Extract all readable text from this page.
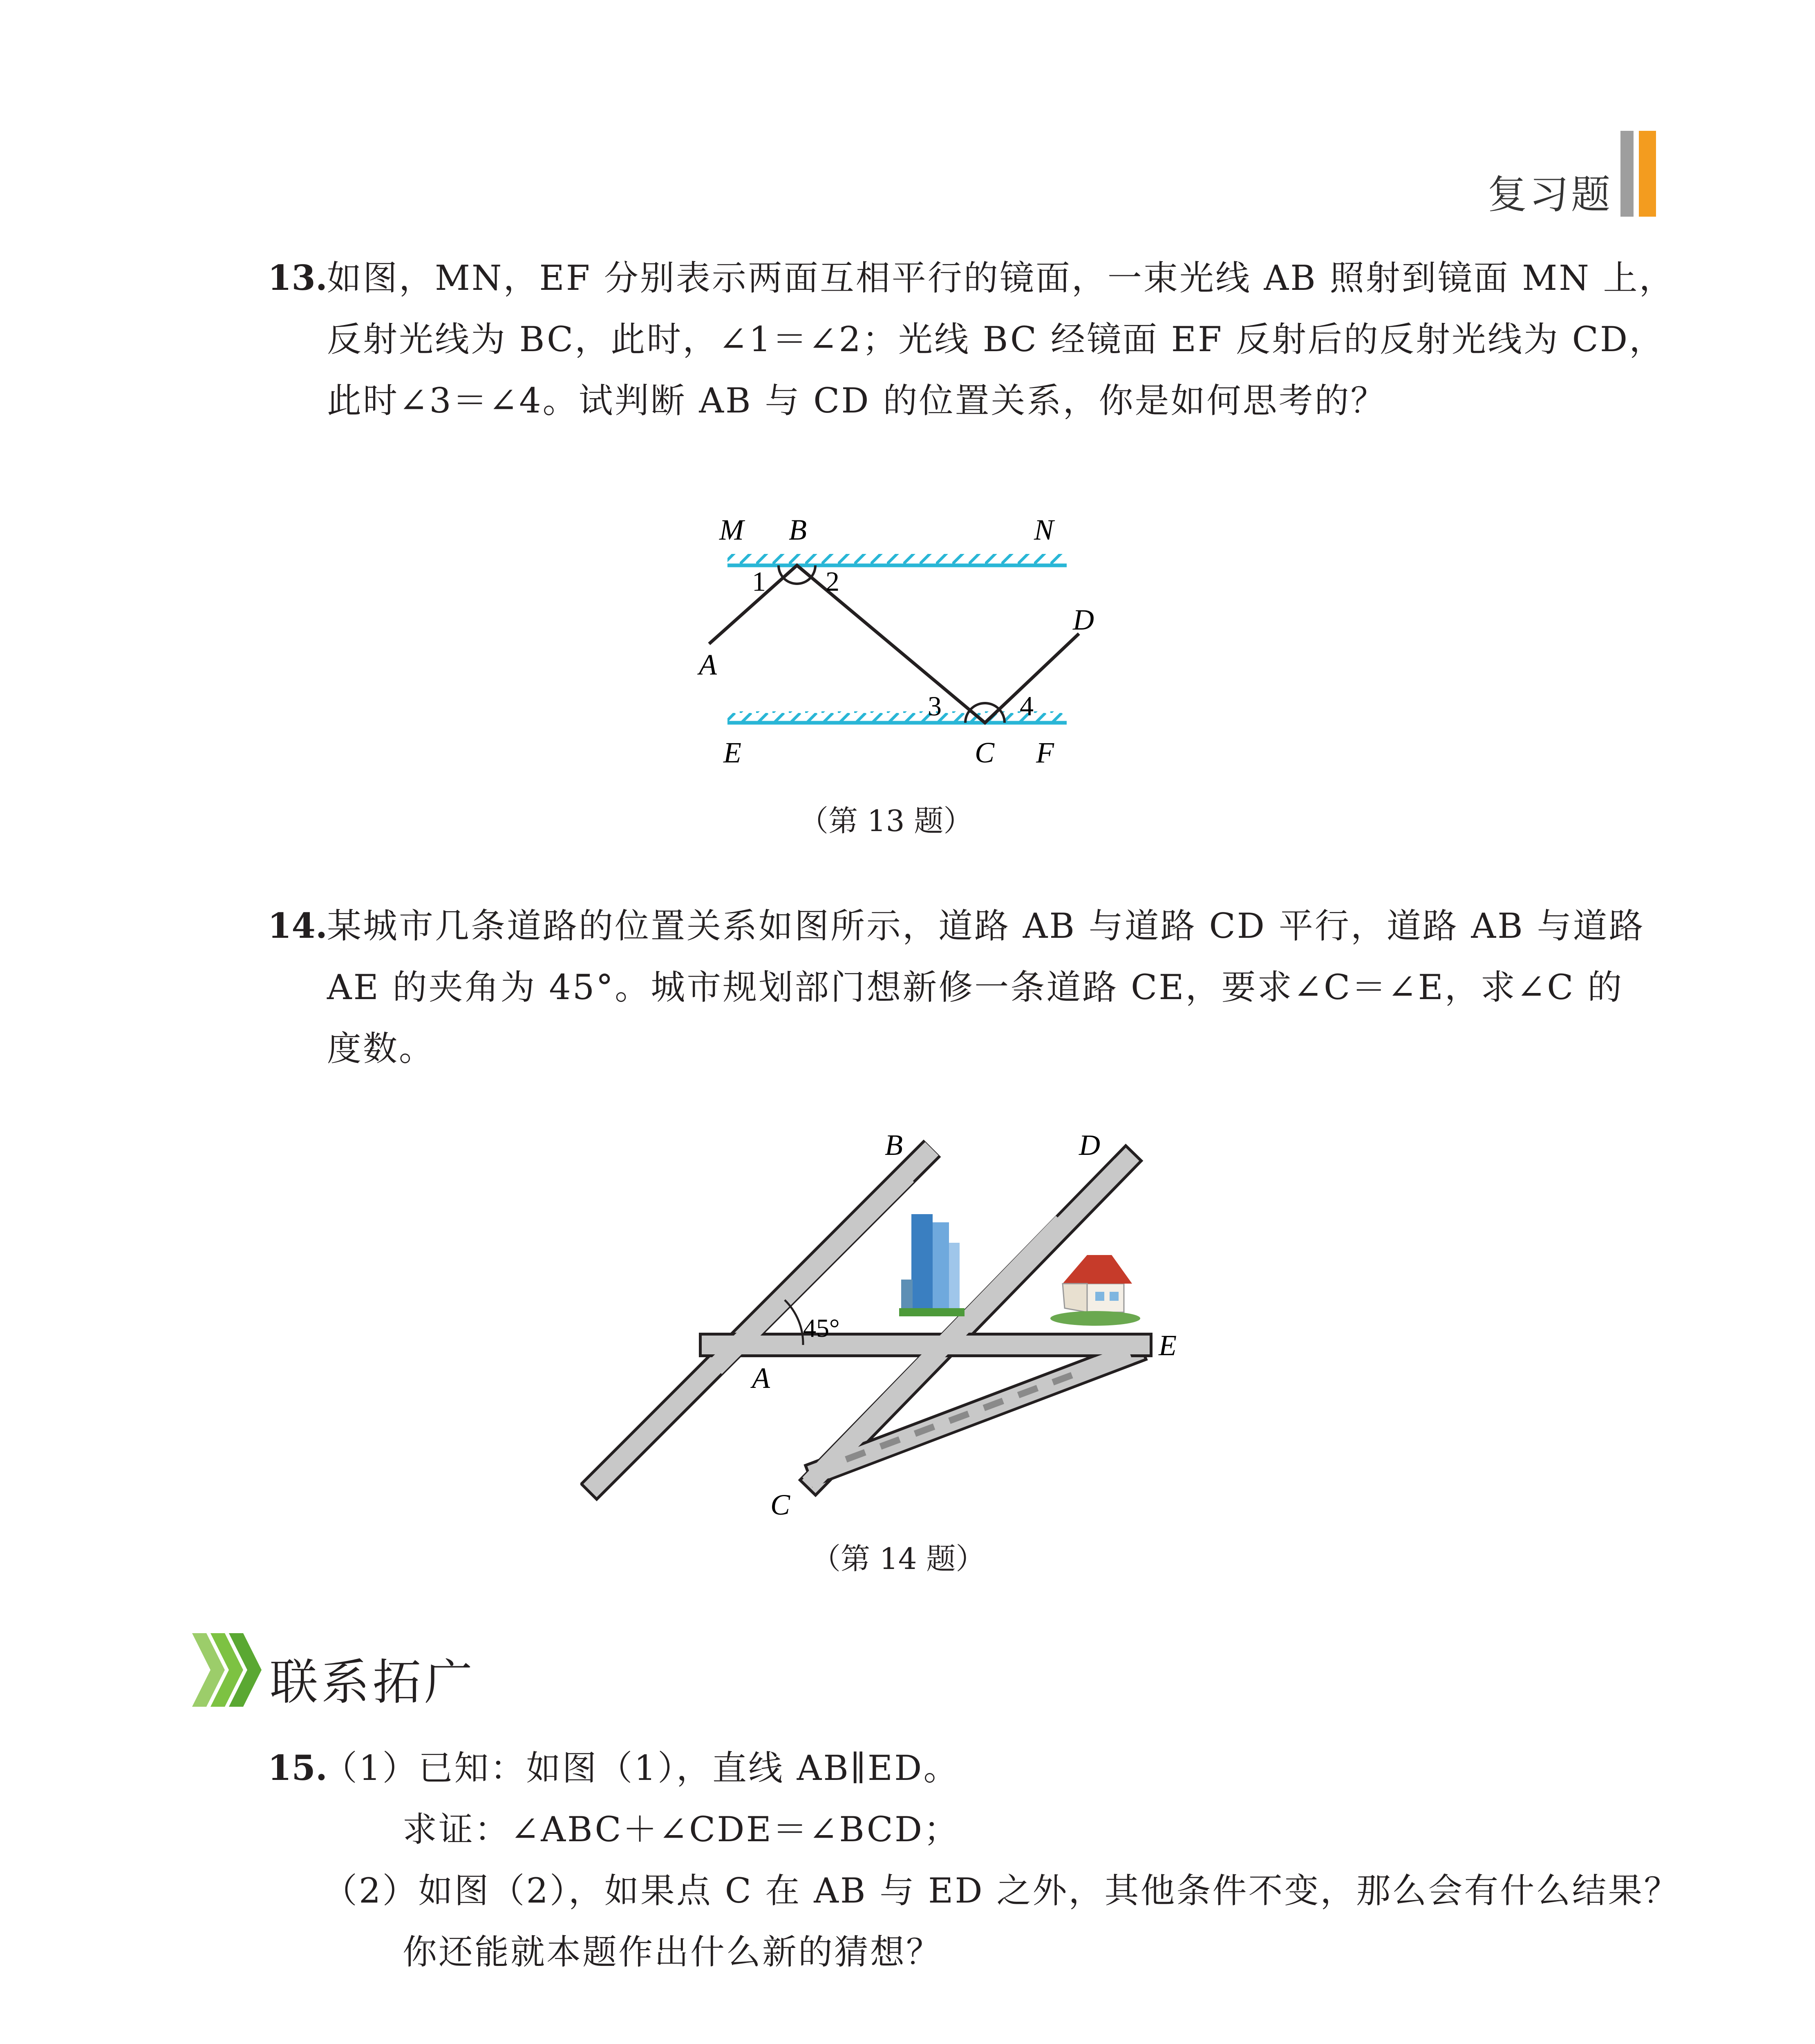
复习题
13.
如图，MN，EF 分别表示两面互相平行的镜面，一束光线 AB 照射到镜面 MN 上，
反射光线为 BC，此时，∠1＝∠2；光线 BC 经镜面 EF 反射后的反射光线为 CD，
此时∠3＝∠4。试判断 AB 与 CD 的位置关系，你是如何思考的？
M B	N
1 2
A
D
3	4
E	C F
（第 13 题）
14.
某城市几条道路的位置关系如图所示，道路 AB 与道路 CD 平行，道路 AB 与道路
AE 的夹角为 45°。城市规划部门想新修一条道路 CE，要求∠C＝∠E，求∠C 的
度数。
B	D
45°
A
E
C
（第 14 题）
联系拓广
15.
（1）已知：如图（1），直线 AB∥ED。
求证：∠ABC＋∠CDE＝∠BCD；
（2）如图（2），如果点 C 在 AB 与 ED 之外，其他条件不变，那么会有什么结果？
你还能就本题作出什么新的猜想？
